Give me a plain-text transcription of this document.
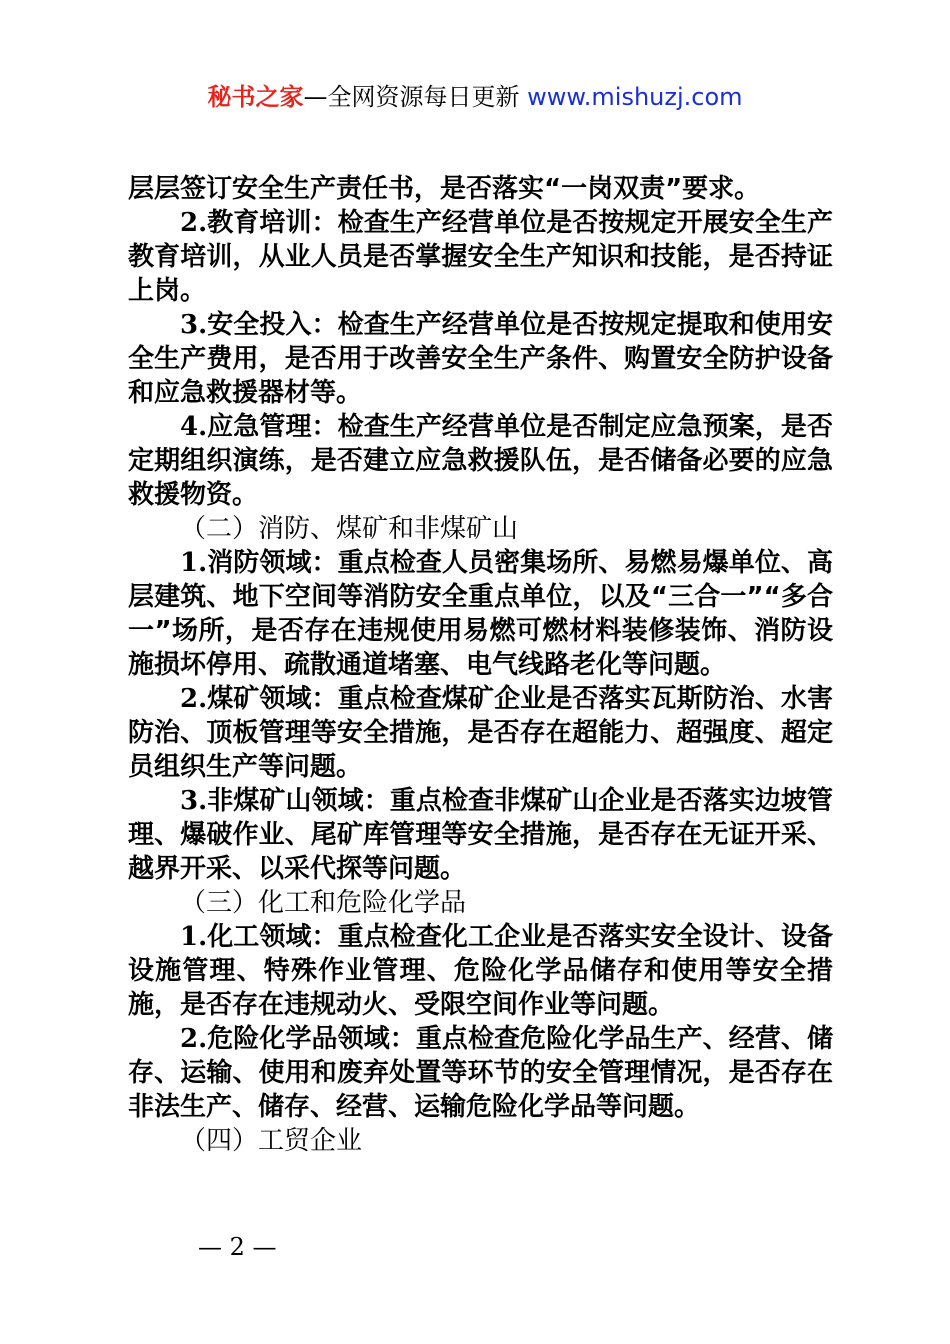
秘书之家—全网资源每日更新 www.mishuzj.com

层层签订安全生产责任书，是否落实“一岗双责”要求。

2.教育培训：检查生产经营单位是否按规定开展安全生产教育培训，从业人员是否掌握安全生产知识和技能，是否持证上岗。

3.安全投入：检查生产经营单位是否按规定提取和使用安全生产费用，是否用于改善安全生产条件、购置安全防护设备和应急救援器材等。

4.应急管理：检查生产经营单位是否制定应急预案，是否定期组织演练，是否建立应急救援队伍，是否储备必要的应急救援物资。

（二）消防、煤矿和非煤矿山

1.消防领域：重点检查人员密集场所、易燃易爆单位、高层建筑、地下空间等消防安全重点单位，以及“三合一”“多合一”场所，是否存在违规使用易燃可燃材料装修装饰、消防设施损坏停用、疏散通道堵塞、电气线路老化等问题。

2.煤矿领域：重点检查煤矿企业是否落实瓦斯防治、水害防治、顶板管理等安全措施，是否存在超能力、超强度、超定员组织生产等问题。

3.非煤矿山领域：重点检查非煤矿山企业是否落实边坡管理、爆破作业、尾矿库管理等安全措施，是否存在无证开采、越界开采、以采代探等问题。

（三）化工和危险化学品

1.化工领域：重点检查化工企业是否落实安全设计、设备设施管理、特殊作业管理、危险化学品储存和使用等安全措施，是否存在违规动火、受限空间作业等问题。

2.危险化学品领域：重点检查危险化学品生产、经营、储存、运输、使用和废弃处置等环节的安全管理情况，是否存在非法生产、储存、经营、运输危险化学品等问题。

（四）工贸企业

— 2 —
